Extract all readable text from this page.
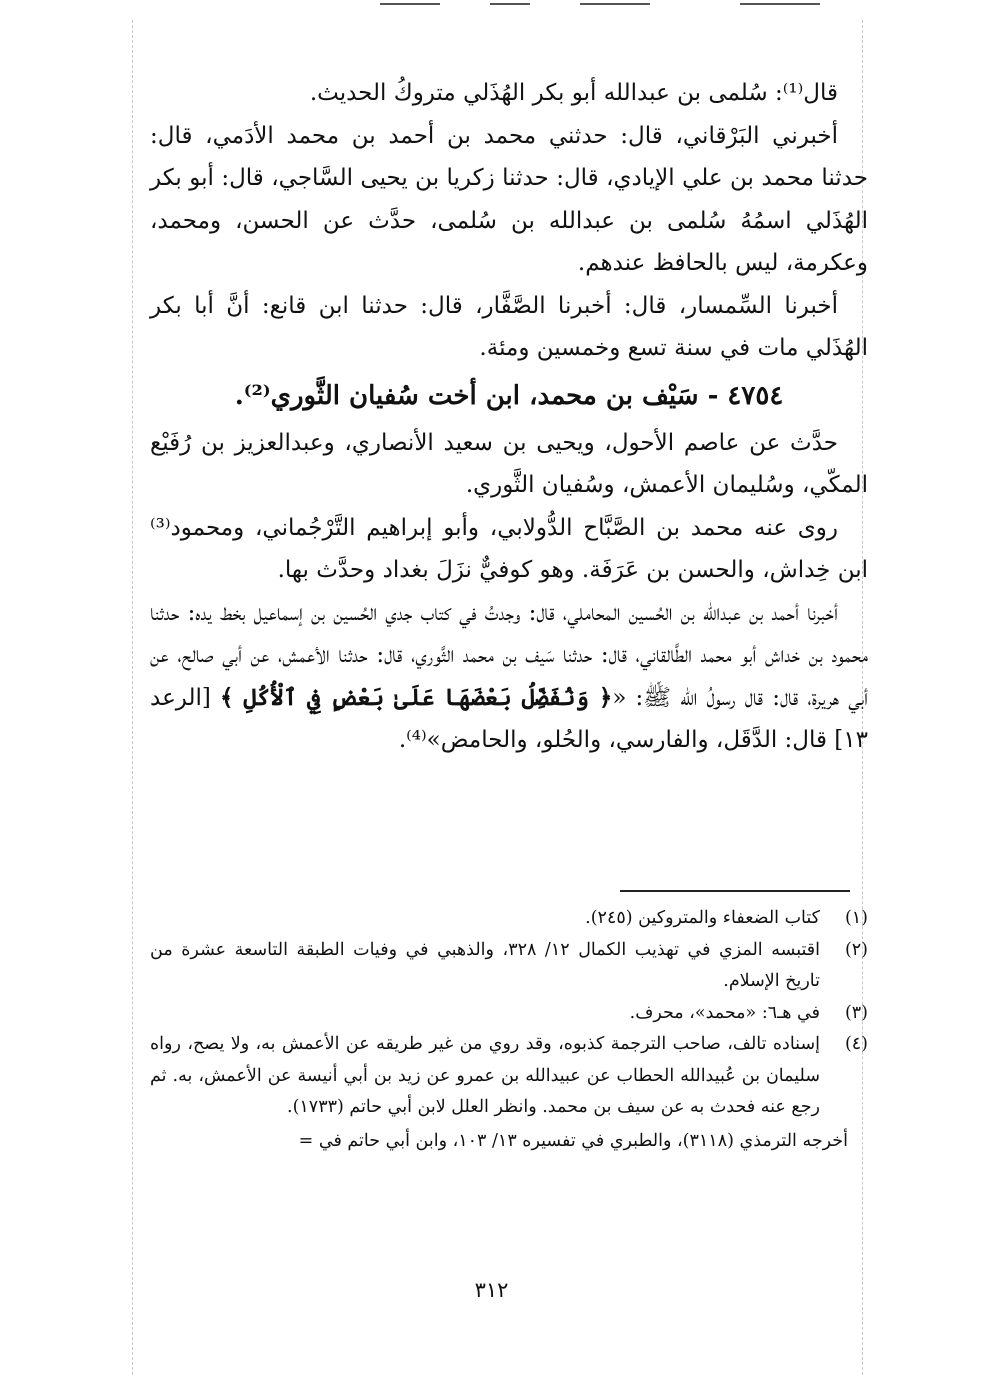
قال⁽¹⁾: سُلمى بن عبدالله أبو بكر الهُذَلي متروكُ الحديث.

أخبرني البَرْقاني، قال: حدثني محمد بن أحمد بن محمد الأدَمي، قال: حدثنا محمد بن علي الإيادي، قال: حدثنا زكريا بن يحيى السَّاجي، قال: أبو بكر الهُذَلي اسمُهُ سُلمى بن عبدالله بن سُلمى، حدَّث عن الحسن، ومحمد، وعكرمة، ليس بالحافظ عندهم.

أخبرنا السِّمسار، قال: أخبرنا الصَّفَّار، قال: حدثنا ابن قانع: أنَّ أبا بكر الهُذَلي مات في سنة تسع وخمسين ومئة.

٤٧٥٤ - سَيْف بن محمد، ابن أخت سُفيان الثَّوري⁽²⁾.

حدَّث عن عاصم الأحول، ويحيى بن سعيد الأنصاري، وعبدالعزيز بن رُفَيْع المكّي، وسُليمان الأعمش، وسُفيان الثَّوري.

روى عنه محمد بن الصَّبَّاح الدُّولابي، وأبو إبراهيم التَّرْجُماني، ومحمود⁽³⁾ ابن خِداش، والحسن بن عَرَفَة. وهو كوفيٌّ نزَلَ بغداد وحدَّث بها.

أخبرنا أحمد بن عبدالله بن الحُسين المحاملي، قال: وجدتُ في كتاب جدي الحُسين بن إسماعيل بخط يده: حدثنا محمود بن خداش أبو محمد الطَّالقاني، قال: حدثنا سَيف بن محمد الثَّوري، قال: حدثنا الأعمش، عن أبي صالح، عن أبي هريرة، قال: قال رسولُ الله ﷺ: «﴿ وَنُفَضِّلُ بَعْضَهَا عَلَىٰ بَعْضٍ فِي ٱلْأُكُلِ ﴾ [الرعد ١٣] قال: الدَّقَل، والفارسي، والحُلو، والحامض»⁽⁴⁾.

(١)
كتاب الضعفاء والمتروكين (٢٤٥).
(٢)
اقتبسه المزي في تهذيب الكمال ١٢/ ٣٢٨، والذهبي في وفيات الطبقة التاسعة عشرة من تاريخ الإسلام.
(٣)
في هـ٦: «محمد»، محرف.
(٤)
إسناده تالف، صاحب الترجمة كذبوه، وقد روي من غير طريقه عن الأعمش به، ولا يصح، رواه سليمان بن عُبيدالله الحطاب عن عبيدالله بن عمرو عن زيد بن أبي أنيسة عن الأعمش، به. ثم رجع عنه فحدث به عن سيف بن محمد. وانظر العلل لابن أبي حاتم (١٧٣٣).
أخرجه الترمذي (٣١١٨)، والطبري في تفسيره ١٣/ ١٠٣، وابن أبي حاتم في =
٣١٢
